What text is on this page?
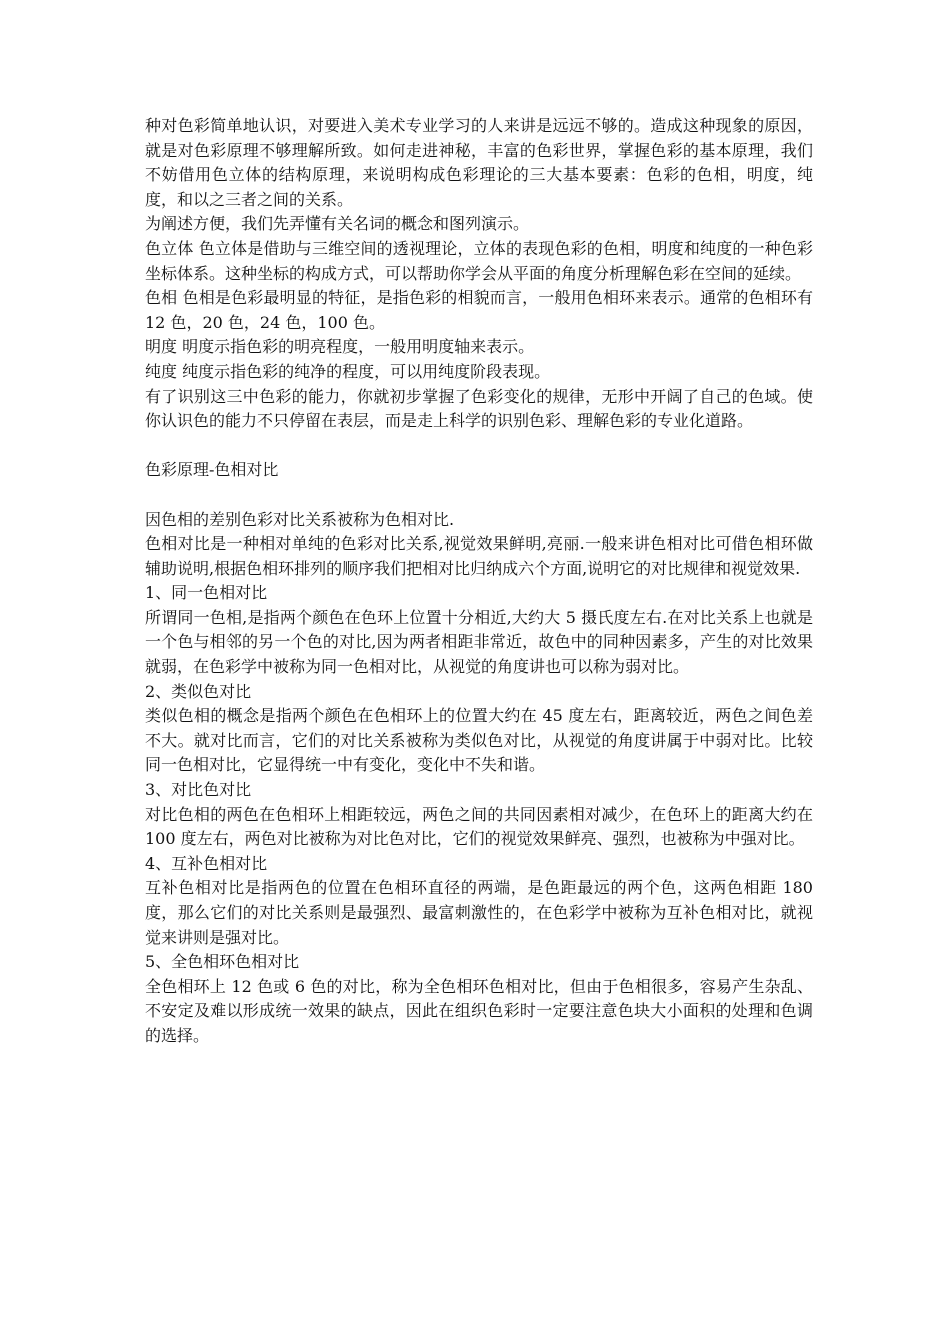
种对色彩简单地认识，对要进入美术专业学习的人来讲是远远不够的。造成这种现象的原因，就是对色彩原理不够理解所致。如何走进神秘，丰富的色彩世界，掌握色彩的基本原理，我们不妨借用色立体的结构原理，来说明构成色彩理论的三大基本要素：色彩的色相，明度，纯度，和以之三者之间的关系。

为阐述方便，我们先弄懂有关名词的概念和图列演示。

色立体 色立体是借助与三维空间的透视理论，立体的表现色彩的色相，明度和纯度的一种色彩坐标体系。这种坐标的构成方式，可以帮助你学会从平面的角度分析理解色彩在空间的延续。

色相 色相是色彩最明显的特征，是指色彩的相貌而言，一般用色相环来表示。通常的色相环有 12 色，20 色，24 色，100 色。

明度 明度示指色彩的明亮程度，一般用明度轴来表示。

纯度 纯度示指色彩的纯净的程度，可以用纯度阶段表现。

有了识别这三中色彩的能力，你就初步掌握了色彩变化的规律，无形中开阔了自己的色域。使你认识色的能力不只停留在表层，而是走上科学的识别色彩、理解色彩的专业化道路。

色彩原理-色相对比

因色相的差别色彩对比关系被称为色相对比.

色相对比是一种相对单纯的色彩对比关系,视觉效果鲜明,亮丽.一般来讲色相对比可借色相环做辅助说明,根据色相环排列的顺序我们把相对比归纳成六个方面,说明它的对比规律和视觉效果.

1、同一色相对比

所谓同一色相,是指两个颜色在色环上位置十分相近,大约大 5 摄氏度左右.在对比关系上也就是一个色与相邻的另一个色的对比,因为两者相距非常近，故色中的同种因素多，产生的对比效果就弱，在色彩学中被称为同一色相对比，从视觉的角度讲也可以称为弱对比。

2、类似色对比

类似色相的概念是指两个颜色在色相环上的位置大约在 45 度左右，距离较近，两色之间色差不大。就对比而言，它们的对比关系被称为类似色对比，从视觉的角度讲属于中弱对比。比较同一色相对比，它显得统一中有变化，变化中不失和谐。

3、对比色对比

对比色相的两色在色相环上相距较远，两色之间的共同因素相对减少，在色环上的距离大约在 100 度左右，两色对比被称为对比色对比，它们的视觉效果鲜亮、强烈，也被称为中强对比。

4、互补色相对比

互补色相对比是指两色的位置在色相环直径的两端，是色距最远的两个色，这两色相距 180 度，那么它们的对比关系则是最强烈、最富刺激性的，在色彩学中被称为互补色相对比，就视觉来讲则是强对比。

5、全色相环色相对比

全色相环上 12 色或 6 色的对比，称为全色相环色相对比，但由于色相很多，容易产生杂乱、不安定及难以形成统一效果的缺点，因此在组织色彩时一定要注意色块大小面积的处理和色调的选择。
